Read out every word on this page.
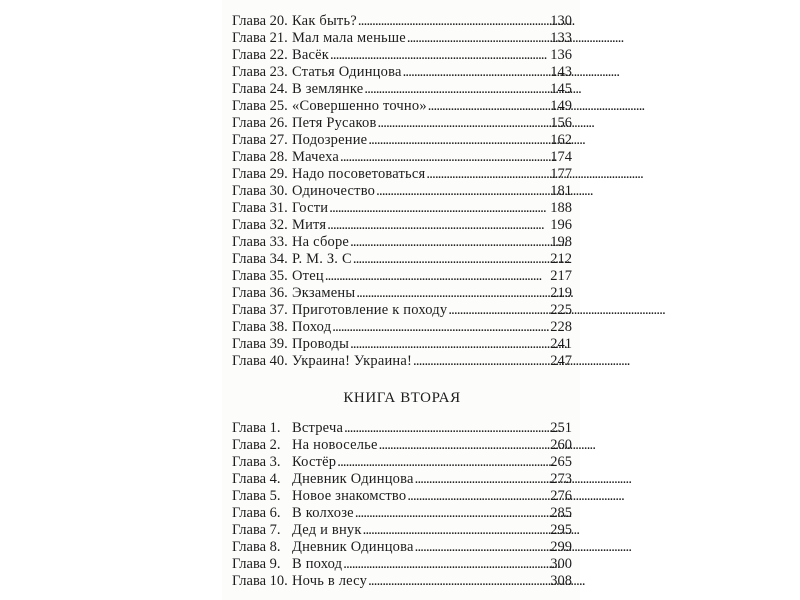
Глава 20. Как быть? . . .	130
Глава 21. Мал мала меньше . . .	133
Глава 22. Васёк . . .	136
Глава 23. Статья Одинцова . . .	143
Глава 24. В землянке . . .	145
Глава 25. «Совершенно точно» . . .	149
Глава 26. Петя Русаков . . .	156
Глава 27. Подозрение . . .	162
Глава 28. Мачеха . . .	174
Глава 29. Надо посоветоваться . . .	177
Глава 30. Одиночество . . .	181
Глава 31. Гости . . .	188
Глава 32. Митя . . .	196
Глава 33. На сборе . . .	198
Глава 34. Р. М. З. С . . .	212
Глава 35. Отец . . .	217
Глава 36. Экзамены . . .	219
Глава 37. Приготовление к походу . . .	225
Глава 38. Поход . . .	228
Глава 39. Проводы . . .	241
Глава 40. Украина! Украина! . . .	247
КНИГА ВТОРАЯ
Глава 1. Встреча . . .	251
Глава 2. На новоселье . . .	260
Глава 3. Костёр . . .	265
Глава 4. Дневник Одинцова . . .	273
Глава 5. Новое знакомство . . .	276
Глава 6. В колхозе . . .	285
Глава 7. Дед и внук . . .	295
Глава 8. Дневник Одинцова . . .	299
Глава 9. В поход . . .	300
Глава 10. Ночь в лесу . . .	308
